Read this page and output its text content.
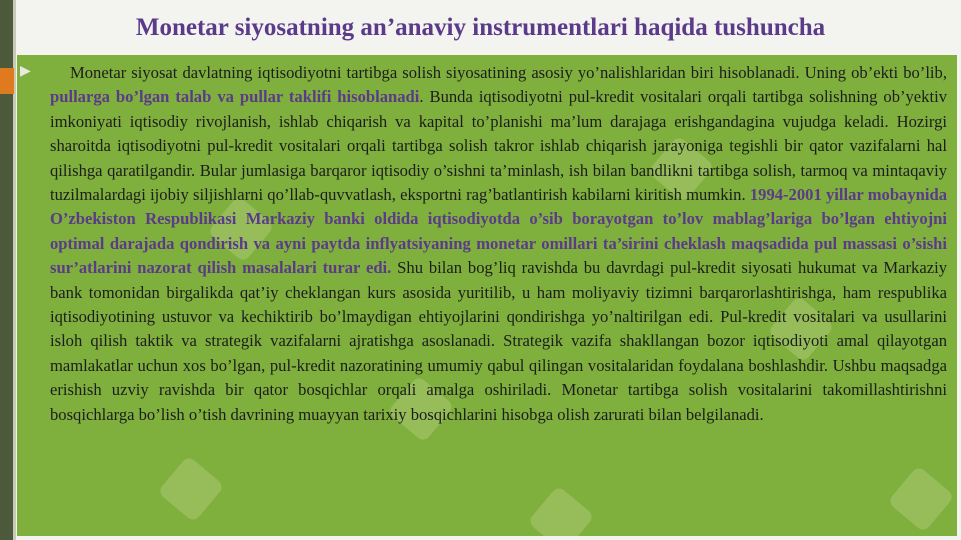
Monetar siyosatning an’anaviy instrumentlari haqida tushuncha
▶	Monetar siyosat davlatning iqtisodiyotni tartibga solish siyosatining asosiy yo’nalishlaridan biri hisoblanadi. Uning ob’ekti bo’lib, pullarga bo’lgan talab va pullar taklifi hisoblanadi. Bunda iqtisodiyotni pul-kredit vositalari orqali tartibga solishning ob’yektiv imkoniyati iqtisodiy rivojlanish, ishlab chiqarish va kapital to’planishi ma’lum darajaga erishgandagina vujudga keladi. Hozirgi sharoitda iqtisodiyotni pul-kredit vositalari orqali tartibga solish takror ishlab chiqarish jarayoniga tegishli bir qator vazifalarni hal qilishga qaratilgandir. Bular jumlasiga barqaror iqtisodiy o’sishni ta’minlash, ish bilan bandlikni tartibga solish, tarmoq va mintaqaviy tuzilmalardagi ijobiy siljishlarni qo’llab-quvvatlash, eksportni rag’batlantirish kabilarni kiritish mumkin. 1994-2001 yillar mobaynida O’zbekiston Respublikasi Markaziy banki oldida iqtisodiyotda o’sib borayotgan to’lov mablag’lariga bo’lgan ehtiyojni optimal darajada qondirish va ayni paytda inflyatsiyaning monetar omillari ta’sirini cheklash maqsadida pul massasi o’sishi sur’atlarini nazorat qilish masalalari turar edi. Shu bilan bog’liq ravishda bu davrdagi pul-kredit siyosati hukumat va Markaziy bank tomonidan birgalikda qat’iy cheklangan kurs asosida yuritilib, u ham moliyaviy tizimni barqarorlashtirishga, ham respublika iqtisodiyotining ustuvor va kechiktirib bo’lmaydigan ehtiyojlarini qondirishga yo’naltirilgan edi. Pul-kredit vositalari va usullarini isloh qilish taktik va strategik vazifalarni ajratishga asoslanadi. Strategik vazifa shakllangan bozor iqtisodiyoti amal qilayotgan mamlakatlar uchun xos bo’lgan, pul-kredit nazoratining umumiy qabul qilingan vositalaridan foydalana boshlashdir. Ushbu maqsadga erishish uzviy ravishda bir qator bosqichlar orqali amalga oshiriladi. Monetar tartibga solish vositalarini takomillashtirishni bosqichlarga bo’lish o’tish davrining muayyan tarixiy bosqichlarini hisobga olish zarurati bilan belgilanadi.
